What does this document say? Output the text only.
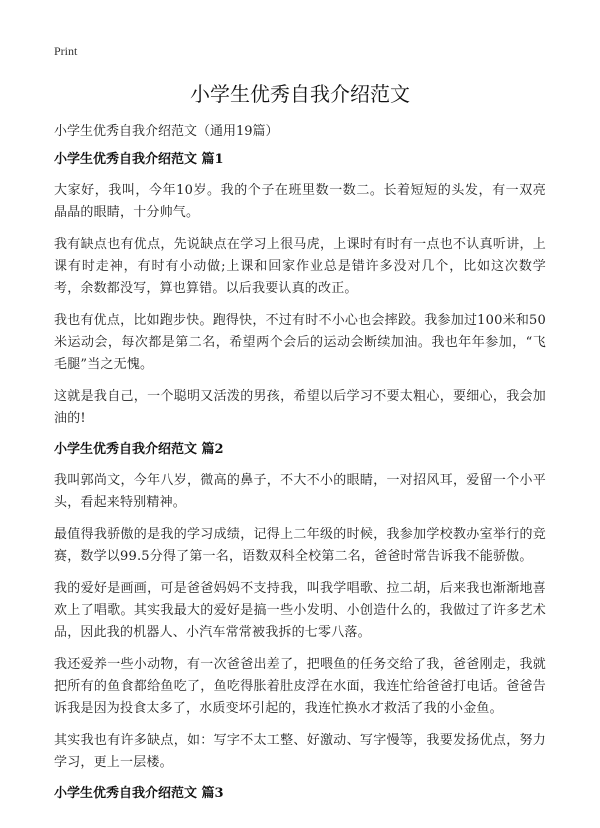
Print
小学生优秀自我介绍范文
小学生优秀自我介绍范文（通用19篇）
小学生优秀自我介绍范文 篇1

大家好，我叫，今年10岁。我的个子在班里数一数二。长着短短的头发，有一双亮晶晶的眼睛，十分帅气。

我有缺点也有优点，先说缺点在学习上很马虎，上课时有时有一点也不认真听讲，上课有时走神，有时有小动做;上课和回家作业总是错许多没对几个，比如这次数学考，余数都没写，算也算错。以后我要认真的改正。

我也有优点，比如跑步快。跑得快，不过有时不小心也会摔跤。我参加过100米和50米运动会，每次都是第二名，希望两个会后的运动会断续加油。我也年年参加，“飞毛腿”当之无愧。

这就是我自己，一个聪明又活泼的男孩，希望以后学习不要太粗心，要细心，我会加油的!

小学生优秀自我介绍范文 篇2

我叫郭尚文，今年八岁，微高的鼻子，不大不小的眼睛，一对招风耳，爱留一个小平头，看起来特别精神。

最值得我骄傲的是我的学习成绩，记得上二年级的时候，我参加学校教办室举行的竞赛，数学以99.5分得了第一名，语数双科全校第二名，爸爸时常告诉我不能骄傲。

我的爱好是画画，可是爸爸妈妈不支持我，叫我学唱歌、拉二胡，后来我也渐渐地喜欢上了唱歌。其实我最大的爱好是搞一些小发明、小创造什么的，我做过了许多艺术品，因此我的机器人、小汽车常常被我拆的七零八落。

我还爱养一些小动物，有一次爸爸出差了，把喂鱼的任务交给了我，爸爸刚走，我就把所有的鱼食都给鱼吃了，鱼吃得胀着肚皮浮在水面，我连忙给爸爸打电话。爸爸告诉我是因为投食太多了，水质变坏引起的，我连忙换水才救活了我的小金鱼。

其实我也有许多缺点，如：写字不太工整、好激动、写字慢等，我要发扬优点，努力学习，更上一层楼。

小学生优秀自我介绍范文 篇3
